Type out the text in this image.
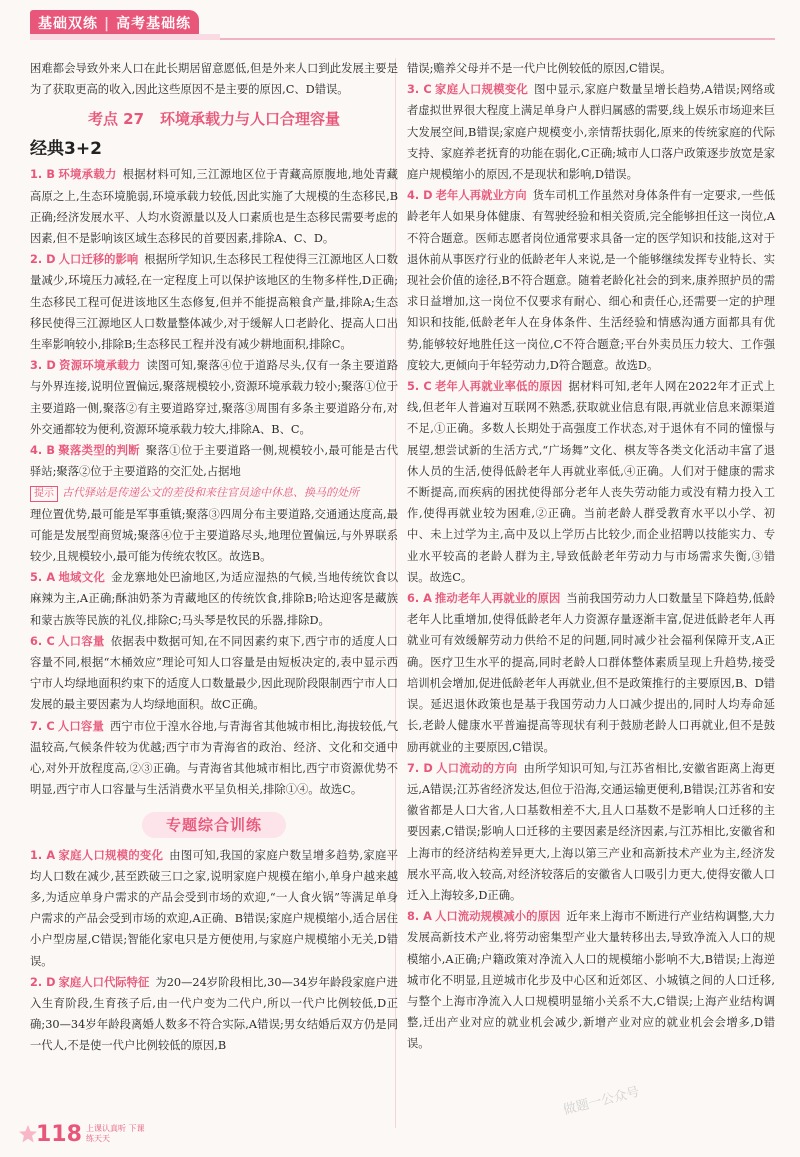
基础双练 | 高考基础练

困难都会导致外来人口在此长期居留意愿低,但是外来人口到此发展主要是为了获取更高的收入,因此这些原因不是主要的原因,C、D错误。

考点 27 环境承载力与人口合理容量
经典3+2

1. B 环境承载力 根据材料可知,三江源地区位于青藏高原腹地,地处青藏高原之上,生态环境脆弱,环境承载力较低,因此实施了大规模的生态移民,B正确;经济发展水平、人均水资源量以及人口素质也是生态移民需要考虑的因素,但不是影响该区域生态移民的首要因素,排除A、C、D。

2. D 人口迁移的影响 根据所学知识,生态移民工程使得三江源地区人口数量减少,环境压力减轻,在一定程度上可以保护该地区的生物多样性,D正确;生态移民工程可促进该地区生态修复,但并不能提高粮食产量,排除A;生态移民使得三江源地区人口数量整体减少,对于缓解人口老龄化、提高人口出生率影响较小,排除B;生态移民工程并没有减少耕地面积,排除C。

3. D 资源环境承载力 读图可知,聚落④位于道路尽头,仅有一条主要道路与外界连接,说明位置偏远,聚落规模较小,资源环境承载力较小;聚落①位于主要道路一侧,聚落②有主要道路穿过,聚落③周围有多条主要道路分布,对外交通都较为便利,资源环境承载力较大,排除A、B、C。

4. B 聚落类型的判断 聚落①位于主要道路一侧,规模较小,最可能是古代驿站;聚落②位于主要道路的交汇处,占据地

提示 古代驿站是传递公文的差役和来往官员途中休息、换马的处所

理位置优势,最可能是军事重镇;聚落③四周分布主要道路,交通通达度高,最可能是发展型商贸城;聚落④位于主要道路尽头,地理位置偏远,与外界联系较少,且规模较小,最可能为传统农牧区。故选B。

5. A 地域文化 金龙寨地处巴渝地区,为适应湿热的气候,当地传统饮食以麻辣为主,A正确;酥油奶茶为青藏地区的传统饮食,排除B;哈达迎客是藏族和蒙古族等民族的礼仪,排除C;马头琴是牧民的乐器,排除D。

6. C 人口容量 依据表中数据可知,在不同因素约束下,西宁市的适度人口容量不同,根据“木桶效应”理论可知人口容量是由短板决定的,表中显示西宁市人均绿地面积约束下的适度人口数量最少,因此现阶段限制西宁市人口发展的最主要因素为人均绿地面积。故C正确。

7. C 人口容量 西宁市位于湟水谷地,与青海省其他城市相比,海拔较低,气温较高,气候条件较为优越;西宁市为青海省的政治、经济、文化和交通中心,对外开放程度高,②③正确。与青海省其他城市相比,西宁市资源优势不明显,西宁市人口容量与生活消费水平呈负相关,排除①④。故选C。

专题综合训练

1. A 家庭人口规模的变化 由图可知,我国的家庭户数呈增多趋势,家庭平均人口数在减少,甚至跌破三口之家,说明家庭户规模在缩小,单身户越来越多,为适应单身户需求的产品会受到市场的欢迎,“一人食火锅”等满足单身户需求的产品会受到市场的欢迎,A正确、B错误;家庭户规模缩小,适合居住小户型房屋,C错误;智能化家电只是方便使用,与家庭户规模缩小无关,D错误。

2. D 家庭人口代际特征 为20—24岁阶段相比,30—34岁年龄段家庭户进入生育阶段,生育孩子后,由一代户变为二代户,所以一代户比例较低,D正确;30—34岁年龄段离婚人数多不符合实际,A错误;男女结婚后双方仍是同一代人,不是使一代户比例较低的原因,B

错误;赡养父母并不是一代户比例较低的原因,C错误。

3. C 家庭人口规模变化 图中显示,家庭户数量呈增长趋势,A错误;网络或者虚拟世界很大程度上满足单身户人群归属感的需要,线上娱乐市场迎来巨大发展空间,B错误;家庭户规模变小,亲情帮扶弱化,原来的传统家庭的代际支持、家庭养老抚育的功能在弱化,C正确;城市人口落户政策逐步放宽是家庭户规模缩小的原因,不是现状和影响,D错误。

4. D 老年人再就业方向 货车司机工作虽然对身体条件有一定要求,一些低龄老年人如果身体健康、有驾驶经验和相关资质,完全能够担任这一岗位,A不符合题意。医师志愿者岗位通常要求具备一定的医学知识和技能,这对于退休前从事医疗行业的低龄老年人来说,是一个能够继续发挥专业特长、实现社会价值的途径,B不符合题意。随着老龄化社会的到来,康养照护员的需求日益增加,这一岗位不仅要求有耐心、细心和责任心,还需要一定的护理知识和技能,低龄老年人在身体条件、生活经验和情感沟通方面都具有优势,能够较好地胜任这一岗位,C不符合题意;平台外卖员压力较大、工作强度较大,更倾向于年轻劳动力,D符合题意。故选D。

5. C 老年人再就业率低的原因 据材料可知,老年人网在2022年才正式上线,但老年人普遍对互联网不熟悉,获取就业信息有限,再就业信息来源渠道不足,①正确。多数人长期处于高强度工作状态,对于退休有不同的憧憬与展望,想尝试新的生活方式,“广场舞”文化、棋友等各类文化活动丰富了退休人员的生活,使得低龄老年人再就业率低,④正确。人们对于健康的需求不断提高,而疾病的困扰使得部分老年人丧失劳动能力或没有精力投入工作,使得再就业较为困难,②正确。当前老龄人群受教育水平以小学、初中、未上过学为主,高中及以上学历占比较少,而企业招聘以技能实力、专业水平较高的老龄人群为主,导致低龄老年劳动力与市场需求失衡,③错误。故选C。

6. A 推动老年人再就业的原因 当前我国劳动力人口数量呈下降趋势,低龄老年人比重增加,使得低龄老年人力资源存量逐渐丰富,促进低龄老年人再就业可有效缓解劳动力供给不足的问题,同时减少社会福利保障开支,A正确。医疗卫生水平的提高,同时老龄人口群体整体素质呈现上升趋势,接受培训机会增加,促进低龄老年人再就业,但不是政策推行的主要原因,B、D错误。延迟退休政策也是基于我国劳动力人口减少提出的,同时人均寿命延长,老龄人健康水平普遍提高等现状有利于鼓励老龄人口再就业,但不是鼓励再就业的主要原因,C错误。

7. D 人口流动的方向 由所学知识可知,与江苏省相比,安徽省距离上海更远,A错误;江苏省经济发达,但位于沿海,交通运输更便利,B错误;江苏省和安徽省都是人口大省,人口基数相差不大,且人口基数不是影响人口迁移的主要因素,C错误;影响人口迁移的主要因素是经济因素,与江苏相比,安徽省和上海市的经济结构差异更大,上海以第三产业和高新技术产业为主,经济发展水平高,收入较高,对经济较落后的安徽省人口吸引力更大,使得安徽人口迁入上海较多,D正确。

8. A 人口流动规模减小的原因 近年来上海市不断进行产业结构调整,大力发展高新技术产业,将劳动密集型产业大量转移出去,导致净流入人口的规模缩小,A正确;户籍政策对净流入人口的规模缩小影响不大,B错误;上海逆城市化不明显,且逆城市化步及中心区和近郊区、小城镇之间的人口迁移,与整个上海市净流入人口规模明显缩小关系不大,C错误;上海产业结构调整,迁出产业对应的就业机会减少,新增产业对应的就业机会会增多,D错误。

做题一公众号
118 上课认真听 下课练天天
